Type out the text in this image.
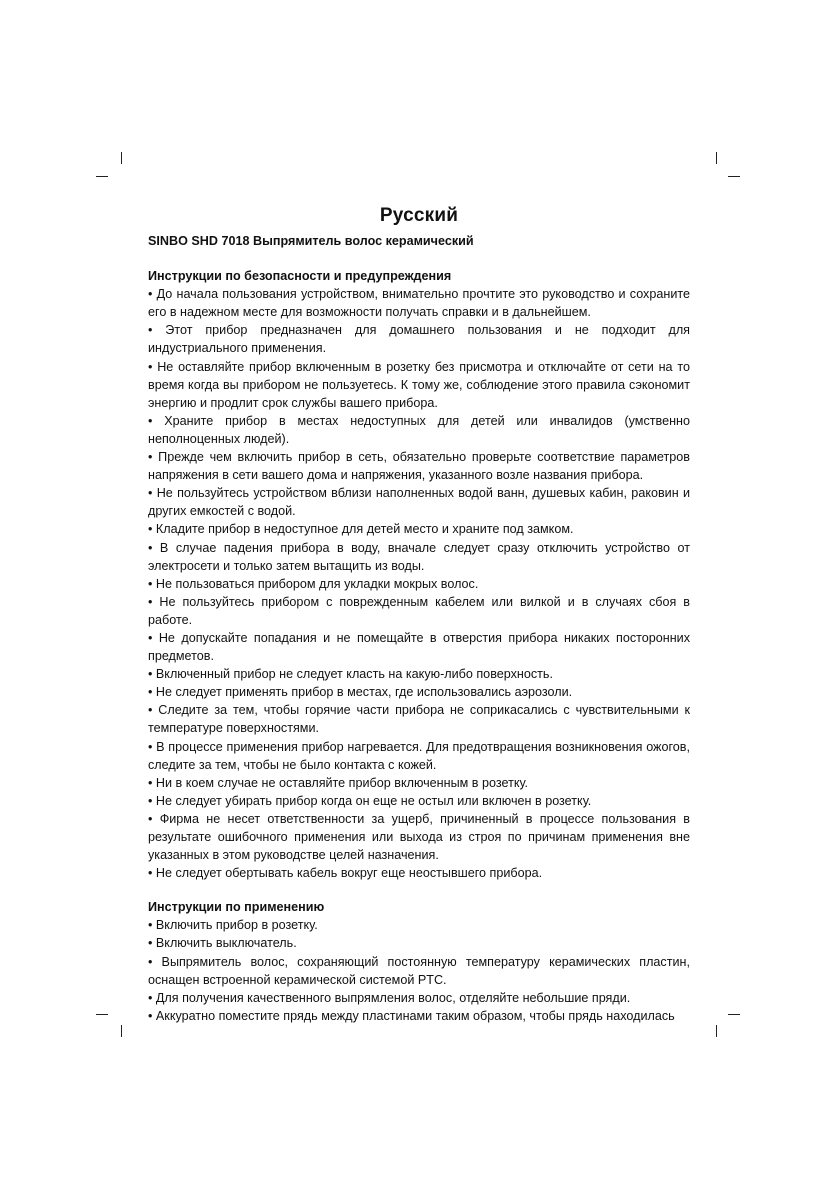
Русский

SINBO SHD 7018 Выпрямитель волос керамический

Инструкции по безопасности и предупреждения

• До начала пользования устройством, внимательно прочтите это руководство и сохраните его в надежном месте для возможности получать справки и в дальнейшем.

• Этот прибор предназначен для домашнего пользования и не подходит для индустриального применения.

• Не оставляйте прибор включенным в розетку без присмотра и отключайте от сети на то время когда вы прибором не пользуетесь. К тому же, соблюдение этого правила сэкономит энергию и продлит срок службы вашего прибора.

• Храните прибор в местах недоступных для детей или инвалидов (умственно неполноценных людей).

• Прежде чем включить прибор в сеть, обязательно проверьте соответствие параметров напряжения в сети вашего дома и напряжения, указанного возле названия прибора.

• Не пользуйтесь устройством вблизи наполненных водой ванн, душевых кабин, раковин и других емкостей с водой.

• Кладите прибор в недоступное для детей место и храните под замком.

• В случае падения прибора в воду, вначале следует сразу отключить устройство от электросети и только затем вытащить из воды.

• Не пользоваться прибором для укладки мокрых волос.

• Не пользуйтесь прибором с поврежденным кабелем или вилкой и в случаях сбоя в работе.

• Не допускайте попадания и не помещайте в отверстия прибора никаких посторонних предметов.

• Включенный прибор не следует класть на какую-либо поверхность.

• Не следует применять прибор в местах, где использовались аэрозоли.

• Следите за тем, чтобы горячие части прибора не соприкасались с чувствительными к температуре поверхностями.

• В процессе применения прибор нагревается. Для предотвращения возникновения ожогов, следите за тем, чтобы не было контакта с кожей.

• Ни в коем случае не оставляйте прибор включенным в розетку.

• Не следует убирать прибор когда он еще не остыл или включен в розетку.

• Фирма не несет ответственности за ущерб, причиненный в процессе пользования в результате ошибочного применения или выхода из строя по причинам применения вне указанных в этом руководстве целей назначения.

• Не следует обертывать кабель вокруг еще неостывшего прибора.

Инструкции по применению

• Включить прибор в розетку.

• Включить выключатель.

• Выпрямитель волос, сохраняющий постоянную температуру керамических пластин, оснащен встроенной керамической системой PTC.

• Для получения качественного выпрямления волос, отделяйте небольшие пряди.

• Аккуратно поместите прядь между пластинами таким образом, чтобы прядь находилась
